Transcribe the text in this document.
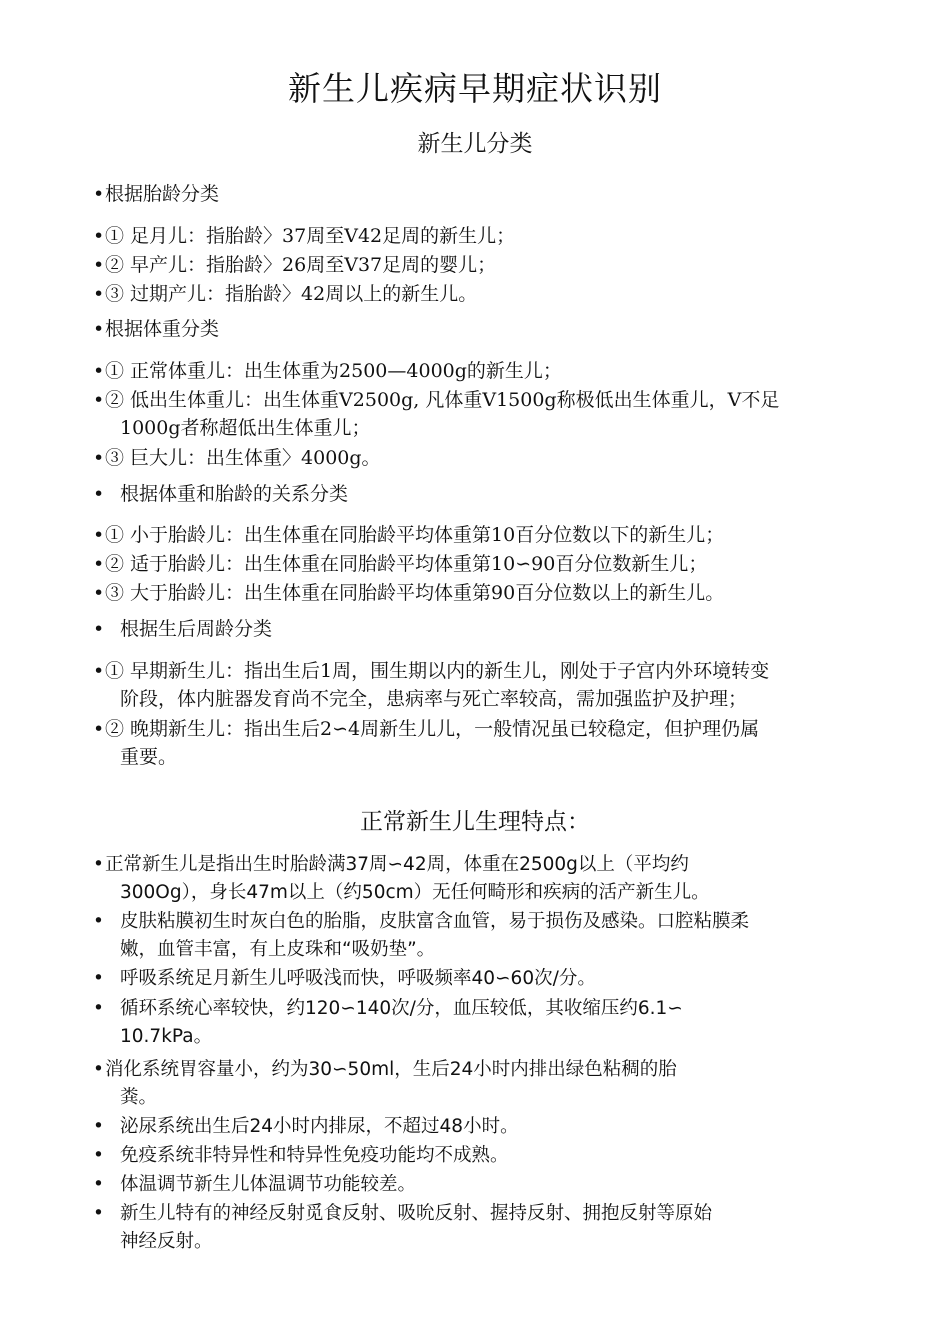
新生儿疾病早期症状识别
新生儿分类
•根据胎龄分类
•① 足月儿：指胎龄〉37周至V42足周的新生儿；
•② 早产儿：指胎龄〉26周至V37足周的婴儿；
•③ 过期产儿：指胎龄〉42周以上的新生儿。
•根据体重分类
•① 正常体重儿：出生体重为2500—4000g的新生儿；
•② 低出生体重儿：出生体重V2500g, 凡体重V1500g称极低出生体重儿，V不足
1000g者称超低出生体重儿；
•③ 巨大儿：出生体重〉4000g。
• 根据体重和胎龄的关系分类
•① 小于胎龄儿：出生体重在同胎龄平均体重第10百分位数以下的新生儿；
•② 适于胎龄儿：出生体重在同胎龄平均体重第10∽90百分位数新生儿；
•③ 大于胎龄儿：出生体重在同胎龄平均体重第90百分位数以上的新生儿。
• 根据生后周龄分类
•① 早期新生儿：指出生后1周，围生期以内的新生儿，刚处于子宫内外环境转变
阶段，体内脏器发育尚不完全，患病率与死亡率较高，需加强监护及护理；
•② 晚期新生儿：指出生后2∽4周新生儿儿，一般情况虽已较稳定，但护理仍属
重要。
正常新生儿生理特点：
•正常新生儿是指出生时胎龄满37周∽42周，体重在2500g以上（平均约
300Og），身长47m以上（约50cm）无任何畸形和疾病的活产新生儿。
• 皮肤粘膜初生时灰白色的胎脂，皮肤富含血管，易于损伤及感染。口腔粘膜柔
嫩，血管丰富，有上皮珠和“吸奶垫”。
• 呼吸系统足月新生儿呼吸浅而快，呼吸频率40∽60次/分。
• 循环系统心率较快，约120∽140次/分，血压较低，其收缩压约6.1∽
10.7kPa。
•消化系统胃容量小，约为30∽50ml，生后24小时内排出绿色粘稠的胎
粪。
• 泌尿系统出生后24小时内排尿，不超过48小时。
• 免疫系统非特异性和特异性免疫功能均不成熟。
• 体温调节新生儿体温调节功能较差。
• 新生儿特有的神经反射觅食反射、吸吮反射、握持反射、拥抱反射等原始
神经反射。
